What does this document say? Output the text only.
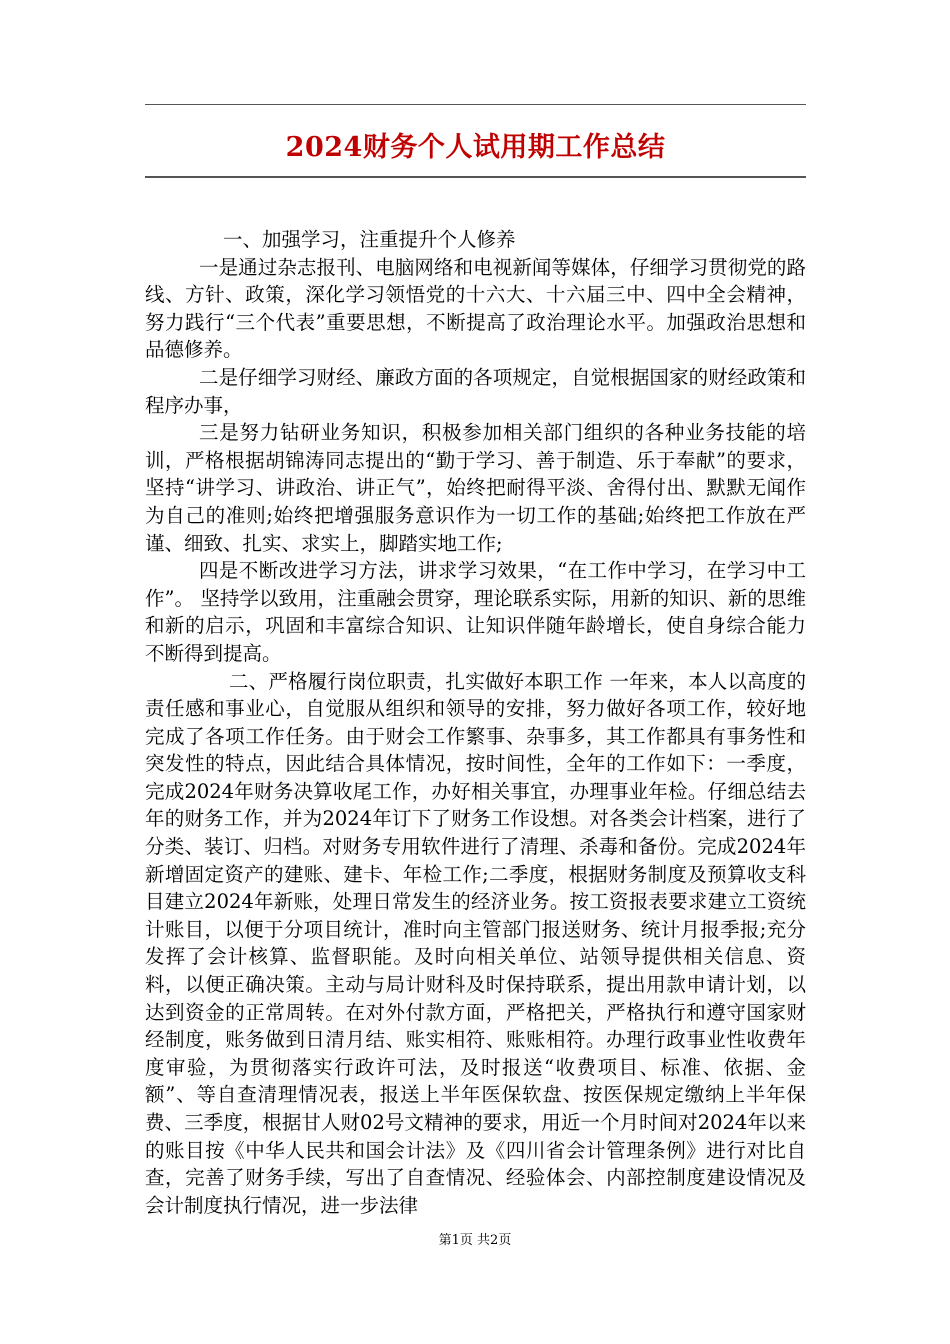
2024财务个人试用期工作总结

一、加强学习，注重提升个人修养

一是通过杂志报刊、电脑网络和电视新闻等媒体，仔细学习贯彻党的路线、方针、政策，深化学习领悟党的十六大、十六届三中、四中全会精神，努力践行“三个代表”重要思想，不断提高了政治理论水平。加强政治思想和品德修养。

二是仔细学习财经、廉政方面的各项规定，自觉根据国家的财经政策和程序办事，

三是努力钻研业务知识，积极参加相关部门组织的各种业务技能的培训，严格根据胡锦涛同志提出的“勤于学习、善于制造、乐于奉献”的要求，坚持“讲学习、讲政治、讲正气”，始终把耐得平淡、舍得付出、默默无闻作为自己的准则;始终把增强服务意识作为一切工作的基础;始终把工作放在严谨、细致、扎实、求实上，脚踏实地工作;

四是不断改进学习方法，讲求学习效果，“在工作中学习，在学习中工作”。 坚持学以致用，注重融会贯穿，理论联系实际，用新的知识、新的思维和新的启示，巩固和丰富综合知识、让知识伴随年龄增长，使自身综合能力不断得到提高。

二、严格履行岗位职责，扎实做好本职工作 一年来，本人以高度的责任感和事业心，自觉服从组织和领导的安排，努力做好各项工作，较好地完成了各项工作任务。由于财会工作繁事、杂事多，其工作都具有事务性和突发性的特点，因此结合具体情况，按时间性，全年的工作如下：一季度，完成2024年财务决算收尾工作，办好相关事宜，办理事业年检。仔细总结去年的财务工作，并为2024年订下了财务工作设想。对各类会计档案，进行了分类、装订、归档。对财务专用软件进行了清理、杀毒和备份。完成2024年新增固定资产的建账、建卡、年检工作;二季度，根据财务制度及预算收支科目建立2024年新账，处理日常发生的经济业务。按工资报表要求建立工资统计账目，以便于分项目统计，准时向主管部门报送财务、统计月报季报;充分发挥了会计核算、监督职能。及时向相关单位、站领导提供相关信息、资料，以便正确决策。主动与局计财科及时保持联系，提出用款申请计划，以达到资金的正常周转。在对外付款方面，严格把关，严格执行和遵守国家财经制度，账务做到日清月结、账实相符、账账相符。办理行政事业性收费年度审验，为贯彻落实行政许可法，及时报送“收费项目、标准、依据、金额”、等自查清理情况表，报送上半年医保软盘、按医保规定缴纳上半年保费、三季度，根据甘人财02号文精神的要求，用近一个月时间对2024年以来的账目按《中华人民共和国会计法》及《四川省会计管理条例》进行对比自查，完善了财务手续，写出了自查情况、经验体会、内部控制度建设情况及会计制度执行情况，进一步法律

第1页 共2页
